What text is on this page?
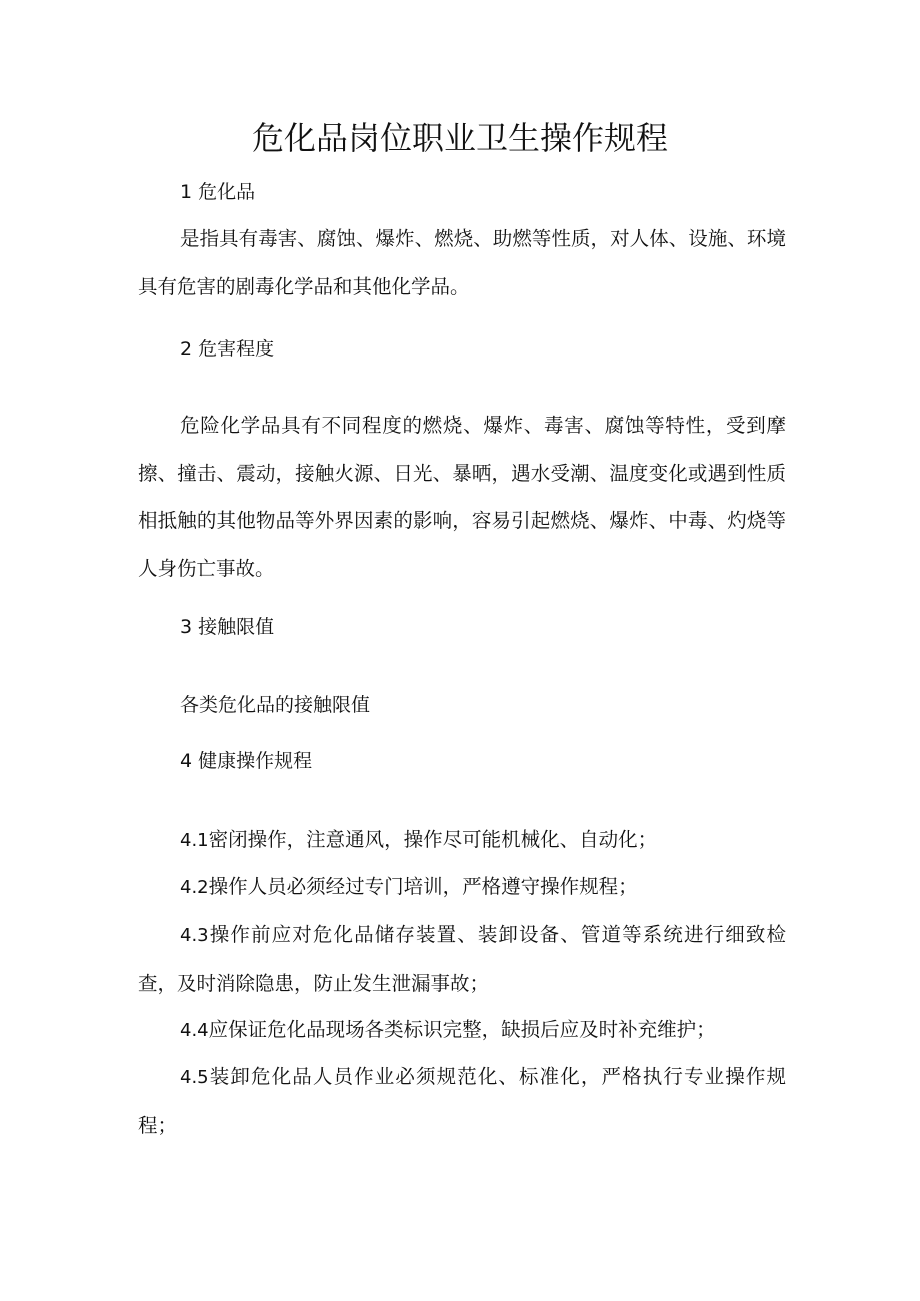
危化品岗位职业卫生操作规程

1 危化品

是指具有毒害、腐蚀、爆炸、燃烧、助燃等性质，对人体、设施、环境具有危害的剧毒化学品和其他化学品。

2 危害程度

危险化学品具有不同程度的燃烧、爆炸、毒害、腐蚀等特性，受到摩擦、撞击、震动，接触火源、日光、暴晒，遇水受潮、温度变化或遇到性质相抵触的其他物品等外界因素的影响，容易引起燃烧、爆炸、中毒、灼烧等人身伤亡事故。

3 接触限值

各类危化品的接触限值

4 健康操作规程

4.1密闭操作，注意通风，操作尽可能机械化、自动化；

4.2操作人员必须经过专门培训，严格遵守操作规程；

4.3操作前应对危化品储存装置、装卸设备、管道等系统进行细致检查，及时消除隐患，防止发生泄漏事故；

4.4应保证危化品现场各类标识完整，缺损后应及时补充维护；

4.5装卸危化品人员作业必须规范化、标准化，严格执行专业操作规程；
